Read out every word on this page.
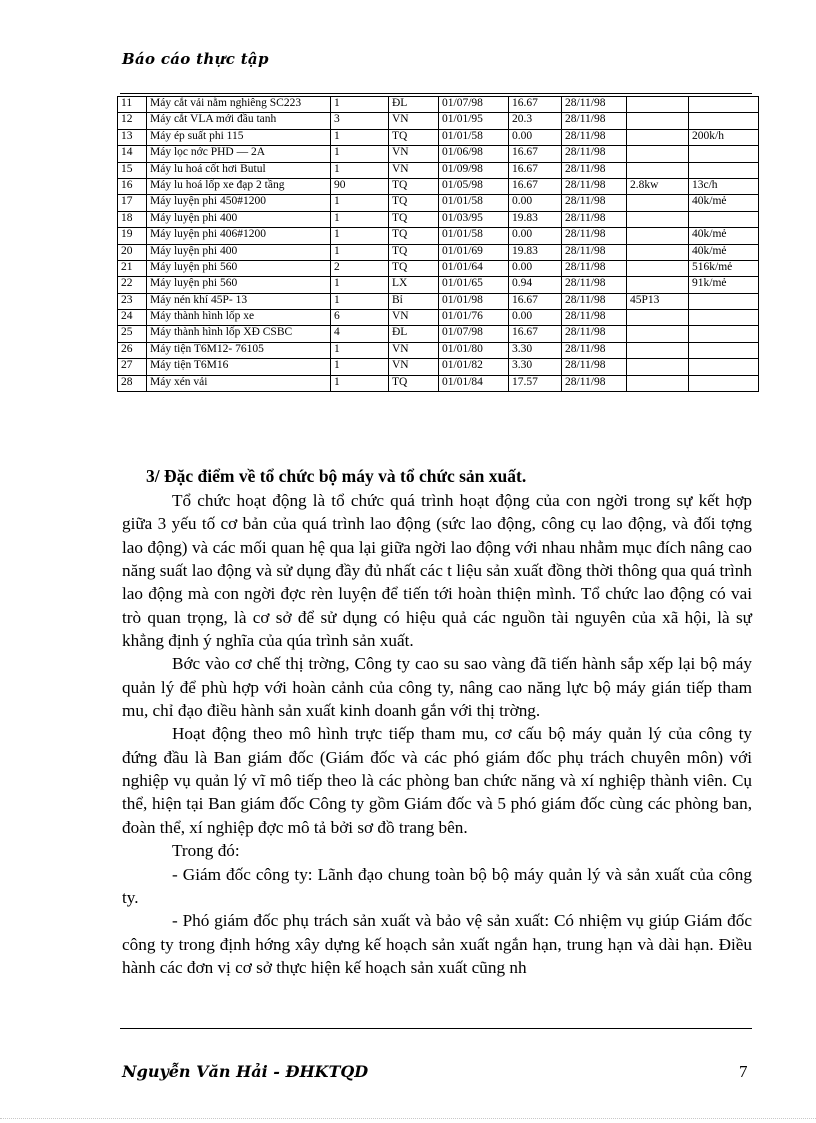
Báo cáo thực tập
11	Máy cắt vải nằm nghiêng SC223	1	ĐL	01/07/98	16.67	28/11/98		
12	Máy cắt VLA mới đầu tanh	3	VN	01/01/95	20.3	28/11/98		
13	Máy ép suất phi 115	1	TQ	01/01/58	0.00	28/11/98		200k/h
14	Máy lọc nớc PHD — 2A	1	VN	01/06/98	16.67	28/11/98		
15	Máy lu hoá cốt hơi Butul	1	VN	01/09/98	16.67	28/11/98		
16	Máy lu hoá lốp xe đạp 2 tầng	90	TQ	01/05/98	16.67	28/11/98	2.8kw	13c/h
17	Máy luyện phi 450#1200	1	TQ	01/01/58	0.00	28/11/98		40k/mẻ
18	Máy luyện phi 400	1	TQ	01/03/95	19.83	28/11/98		
19	Máy luyện phi 406#1200	1	TQ	01/01/58	0.00	28/11/98		40k/mẻ
20	Máy luyện phi 400	1	TQ	01/01/69	19.83	28/11/98		40k/mẻ
21	Máy luyện phi 560	2	TQ	01/01/64	0.00	28/11/98		516k/mẻ
22	Máy luyện phi 560	1	LX	01/01/65	0.94	28/11/98		91k/mẻ
23	Máy nén khí 45P- 13	1	Bỉ	01/01/98	16.67	28/11/98	45P13	
24	Máy thành hình lốp xe	6	VN	01/01/76	0.00	28/11/98		
25	Máy thành hình lốp XĐ CSBC	4	ĐL	01/07/98	16.67	28/11/98		
26	Máy tiện T6M12- 76105	1	VN	01/01/80	3.30	28/11/98		
27	Máy tiện T6M16	1	VN	01/01/82	3.30	28/11/98		
28	Máy xén vải	1	TQ	01/01/84	17.57	28/11/98		
3/ Đặc điểm về tổ chức bộ máy và tổ chức sản xuất.

Tổ chức hoạt động là tổ chức quá trình hoạt động của con ngời trong sự kết hợp giữa 3 yếu tố cơ bản của quá trình lao động (sức lao động, công cụ lao động, và đối tợng lao động) và các mối quan hệ qua lại giữa ngời lao động với nhau nhằm mục đích nâng cao năng suất lao động và sử dụng đầy đủ nhất các t liệu sản xuất đồng thời thông qua quá trình lao động mà con ngời đợc rèn luyện để tiến tới hoàn thiện mình. Tổ chức lao động có vai trò quan trọng, là cơ sở để sử dụng có hiệu quả các nguồn tài nguyên của xã hội, là sự khẳng định ý nghĩa của qúa trình sản xuất.

Bớc vào cơ chế thị trờng, Công ty cao su sao vàng đã tiến hành sắp xếp lại bộ máy quản lý để phù hợp với hoàn cảnh của công ty, nâng cao năng lực bộ máy gián tiếp tham mu, chỉ đạo điều hành sản xuất kinh doanh gắn với thị trờng.

Hoạt động theo mô hình trực tiếp tham mu, cơ cấu bộ máy quản lý của công ty đứng đầu là Ban giám đốc (Giám đốc và các phó giám đốc phụ trách chuyên môn) với nghiệp vụ quản lý vĩ mô tiếp theo là các phòng ban chức năng và xí nghiệp thành viên. Cụ thể, hiện tại Ban giám đốc Công ty gồm Giám đốc và 5 phó giám đốc cùng các phòng ban, đoàn thể, xí nghiệp đợc mô tả bởi sơ đồ trang bên.

Trong đó:

- Giám đốc công ty: Lãnh đạo chung toàn bộ bộ máy quản lý và sản xuất của công ty.

- Phó giám đốc phụ trách sản xuất và bảo vệ sản xuất: Có nhiệm vụ giúp Giám đốc công ty trong định hớng xây dựng kế hoạch sản xuất ngắn hạn, trung hạn và dài hạn. Điều hành các đơn vị cơ sở thực hiện kế hoạch sản xuất cũng nh

Nguyễn Văn Hải - ĐHKTQD	7
